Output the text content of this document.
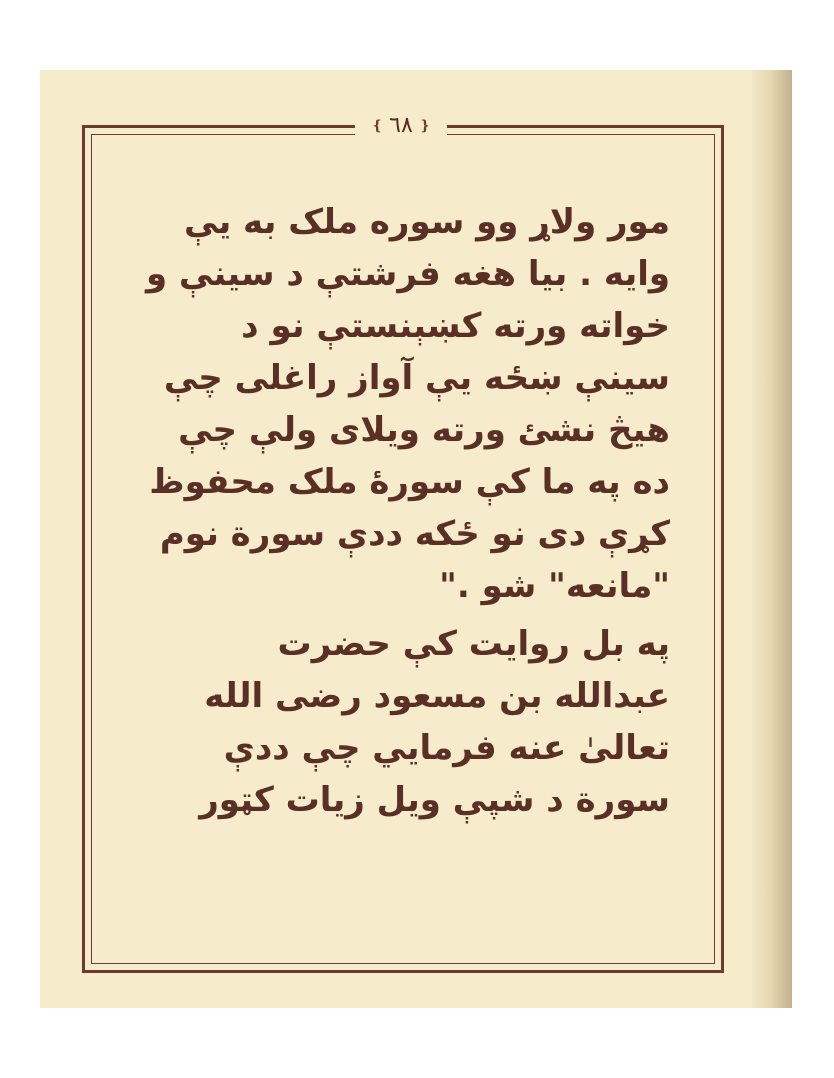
❴ ٦٨ ❵
مور ولاړ وو سوره ملک به یې
وایه . بیا هغه فرشتې د سینې و
خواته ورته کښېنستې نو د
سینې ښځه یې آواز راغلی چې
هیڅ نشئ ورته ویلای ولې چې
ده په ما کې سورهٔ ملک محفوظ
کړې دی نو ځکه ددې سورة نوم
"مانعه" شو ."
په بل روایت کې حضرت
عبدالله بن مسعود رضی الله
تعالیٰ عنه فرمایي چې ددې
سورة د شپې ویل زیات کټور
